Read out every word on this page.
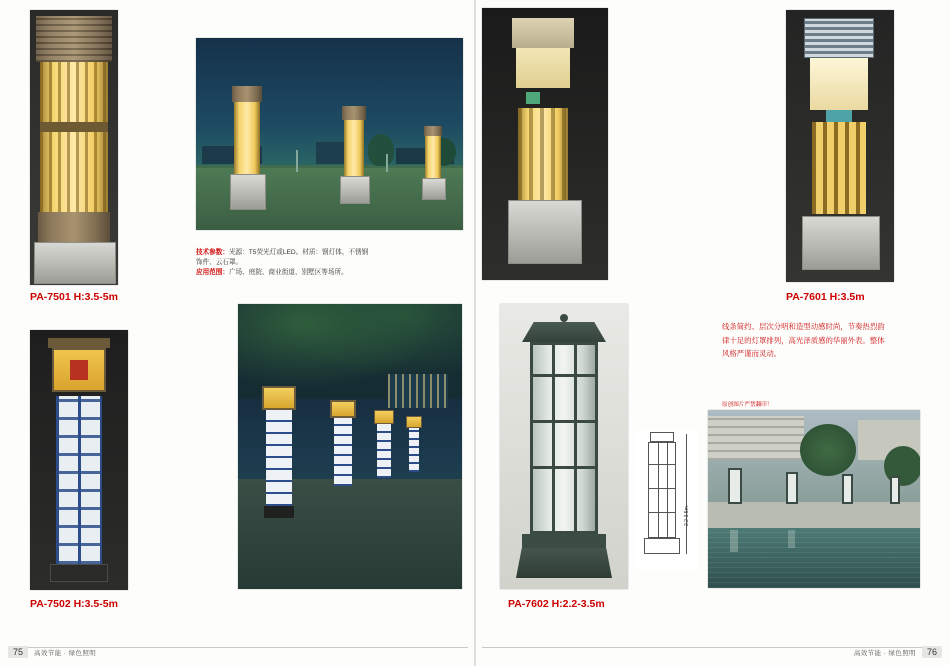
PA-7501 H:3.5-5m
技术参数：光源：T5荧光灯或LED。材质：钢灯体、不锈钢饰件、云石罩。
应用范围：广场、庭院、商业街道、别墅区等场所。
PA-7502 H:3.5-5m
PA-7601 H:3.5m
线条简约、层次分明和造型动感时尚，节奏热烈韵律十足的灯罩排列，高光泽质感的华丽外表。整体风格严谨而灵动。
原创图片严禁翻印！
PA-7602 H:2.2-3.5m
2.2-3.5m
75	高效节能 · 绿色照明	76
高效节能 · 绿色照明
